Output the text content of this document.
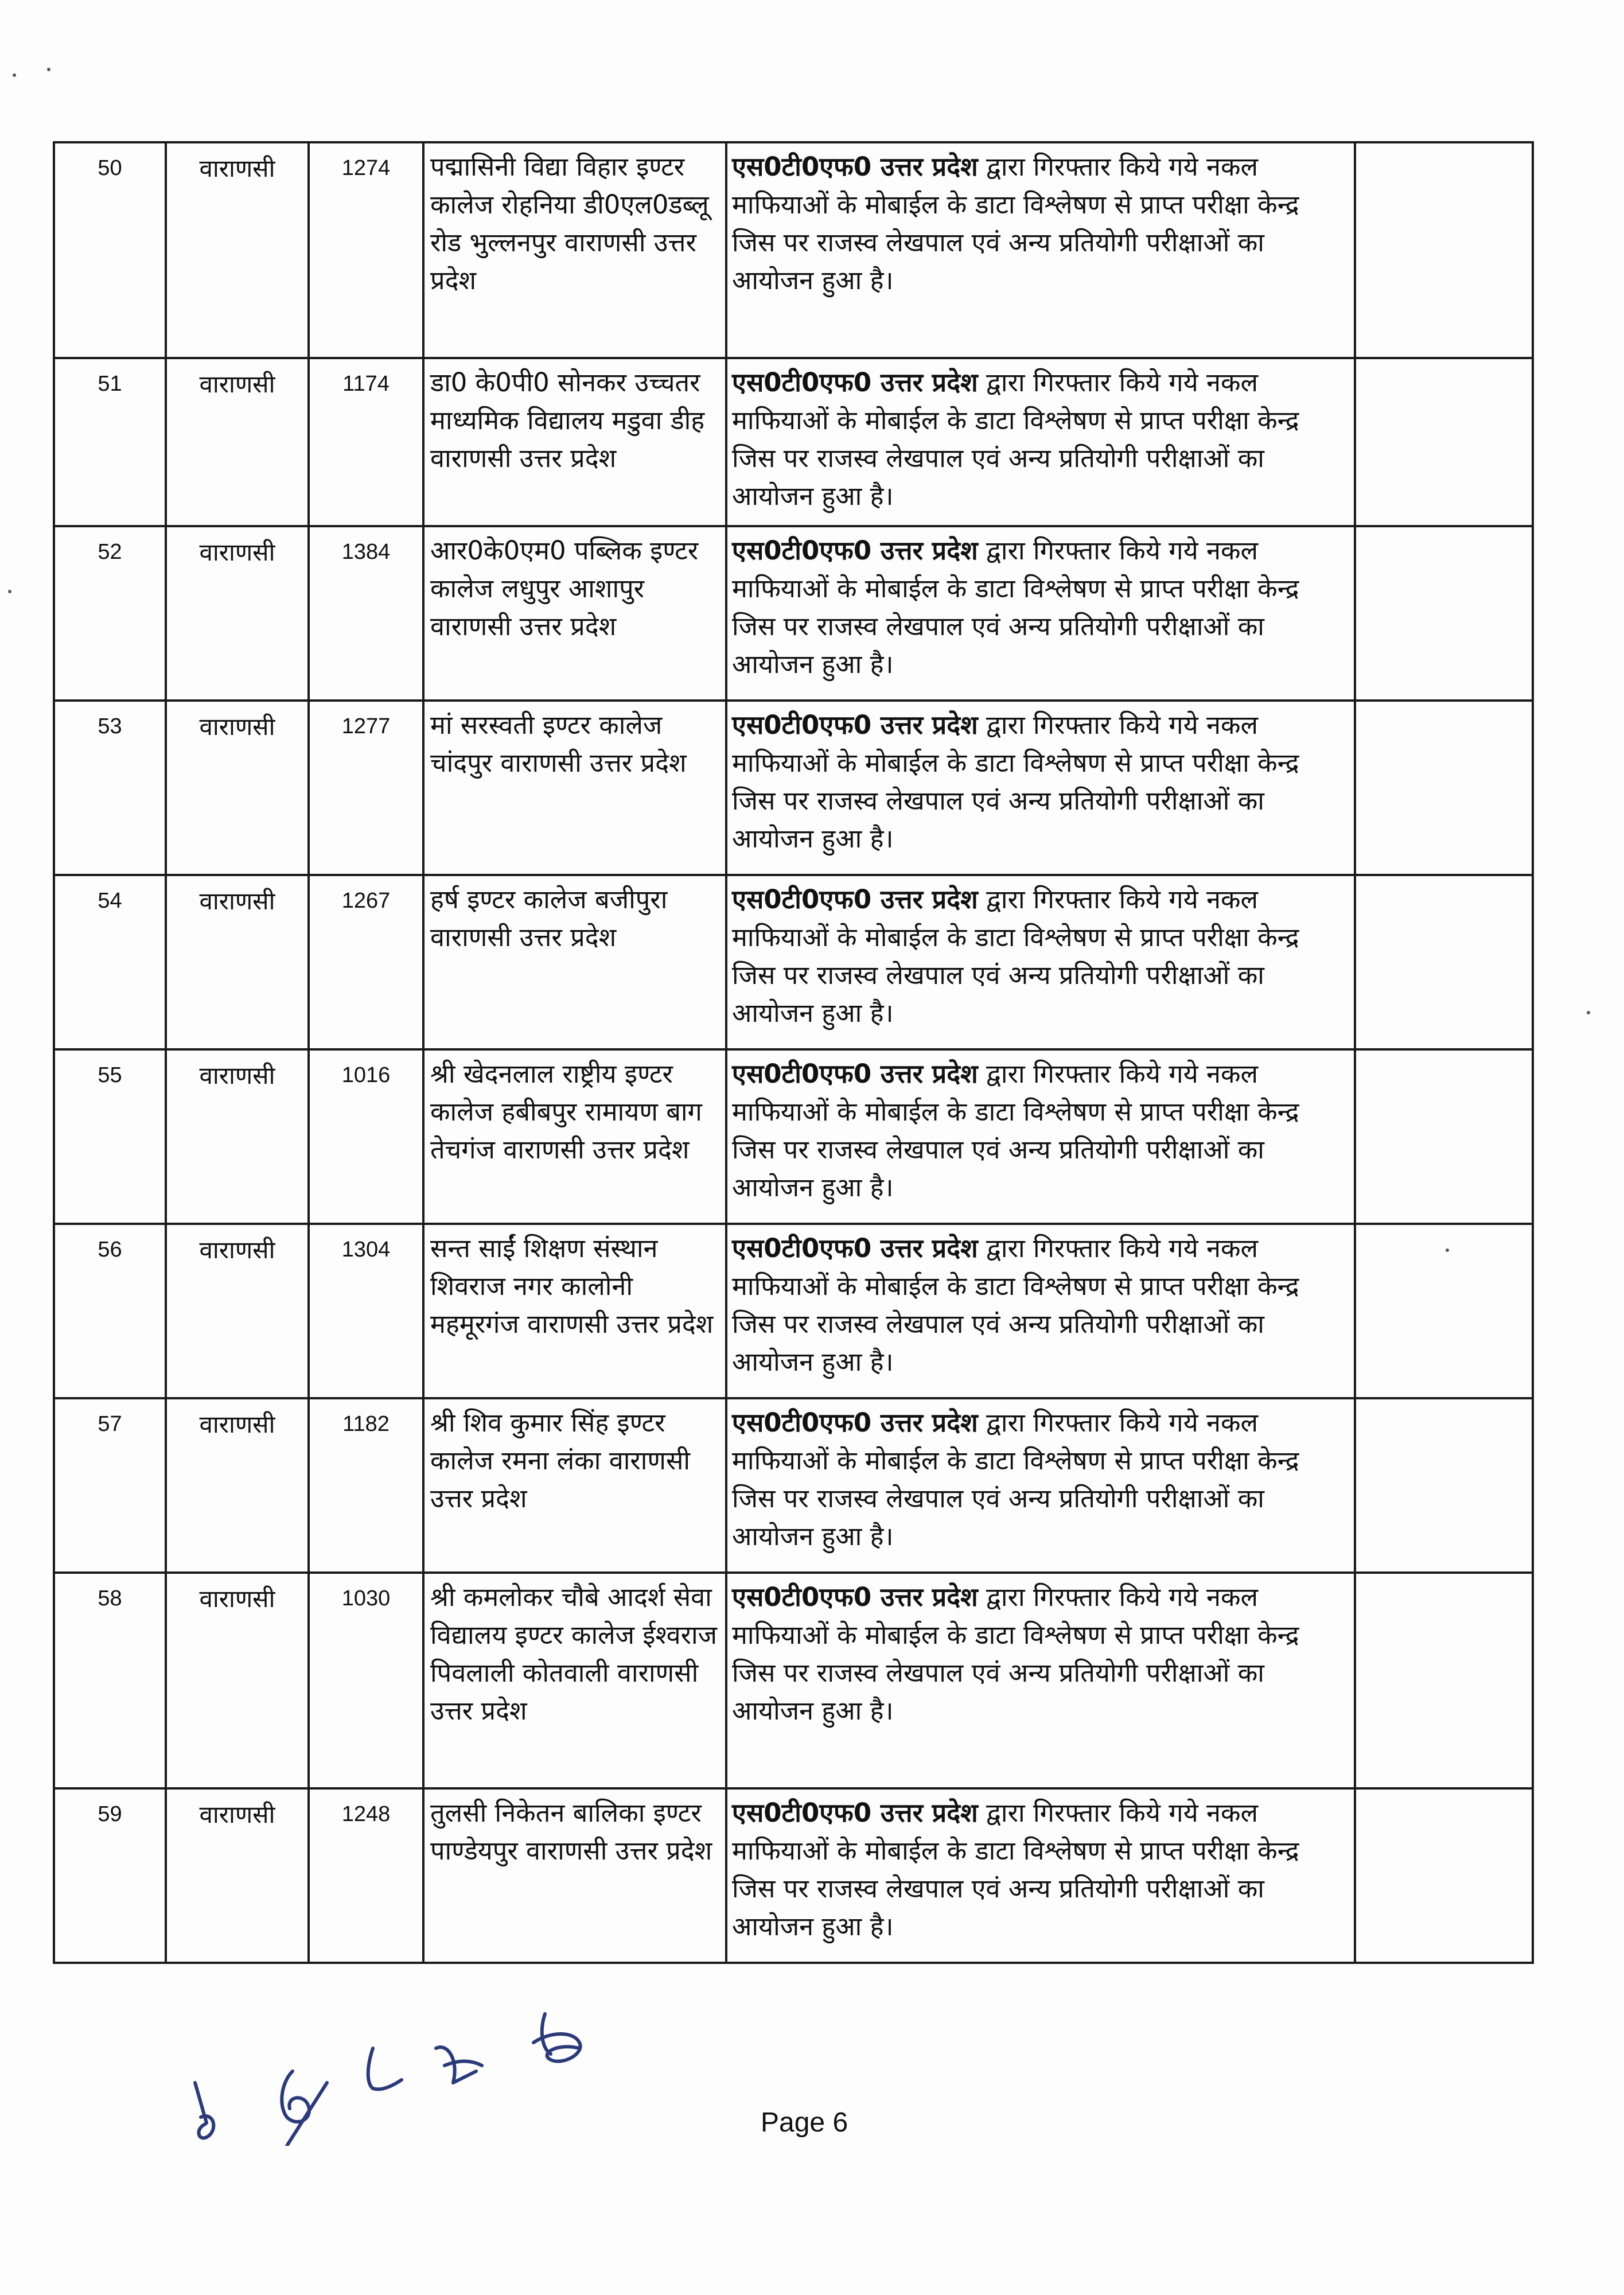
50	वाराणसी	1274	पद्मासिनी विद्या विहार इण्टर कालेज रोहनिया डी0एल0डब्लू रोड भुल्लनपुर वाराणसी उत्तर प्रदेश	एस0टी0एफ0 उत्तर प्रदेश द्वारा गिरफ्तार किये गये नकल माफियाओं के मोबाईल के डाटा विश्लेषण से प्राप्त परीक्षा केन्द्र जिस पर राजस्व लेखपाल एवं अन्य प्रतियोगी परीक्षाओं का आयोजन हुआ है।	

51	वाराणसी	1174	डा0 के0पी0 सोनकर उच्चतर माध्यमिक विद्यालय मडुवा डीह वाराणसी उत्तर प्रदेश	एस0टी0एफ0 उत्तर प्रदेश द्वारा गिरफ्तार किये गये नकल माफियाओं के मोबाईल के डाटा विश्लेषण से प्राप्त परीक्षा केन्द्र जिस पर राजस्व लेखपाल एवं अन्य प्रतियोगी परीक्षाओं का आयोजन हुआ है।	

52	वाराणसी	1384	आर0के0एम0 पब्लिक इण्टर कालेज लधुपुर आशापुर वाराणसी उत्तर प्रदेश	एस0टी0एफ0 उत्तर प्रदेश द्वारा गिरफ्तार किये गये नकल माफियाओं के मोबाईल के डाटा विश्लेषण से प्राप्त परीक्षा केन्द्र जिस पर राजस्व लेखपाल एवं अन्य प्रतियोगी परीक्षाओं का आयोजन हुआ है।	

53	वाराणसी	1277	मां सरस्वती इण्टर कालेज चांदपुर वाराणसी उत्तर प्रदेश	एस0टी0एफ0 उत्तर प्रदेश द्वारा गिरफ्तार किये गये नकल माफियाओं के मोबाईल के डाटा विश्लेषण से प्राप्त परीक्षा केन्द्र जिस पर राजस्व लेखपाल एवं अन्य प्रतियोगी परीक्षाओं का आयोजन हुआ है।	

54	वाराणसी	1267	हर्ष इण्टर कालेज बजीपुरा वाराणसी उत्तर प्रदेश	एस0टी0एफ0 उत्तर प्रदेश द्वारा गिरफ्तार किये गये नकल माफियाओं के मोबाईल के डाटा विश्लेषण से प्राप्त परीक्षा केन्द्र जिस पर राजस्व लेखपाल एवं अन्य प्रतियोगी परीक्षाओं का आयोजन हुआ है।	

55	वाराणसी	1016	श्री खेदनलाल राष्ट्रीय इण्टर कालेज हबीबपुर रामायण बाग तेचगंज वाराणसी उत्तर प्रदेश	एस0टी0एफ0 उत्तर प्रदेश द्वारा गिरफ्तार किये गये नकल माफियाओं के मोबाईल के डाटा विश्लेषण से प्राप्त परीक्षा केन्द्र जिस पर राजस्व लेखपाल एवं अन्य प्रतियोगी परीक्षाओं का आयोजन हुआ है।	

56	वाराणसी	1304	सन्त साईं शिक्षण संस्थान शिवराज नगर कालोनी महमूरगंज वाराणसी उत्तर प्रदेश	एस0टी0एफ0 उत्तर प्रदेश द्वारा गिरफ्तार किये गये नकल माफियाओं के मोबाईल के डाटा विश्लेषण से प्राप्त परीक्षा केन्द्र जिस पर राजस्व लेखपाल एवं अन्य प्रतियोगी परीक्षाओं का आयोजन हुआ है।	

57	वाराणसी	1182	श्री शिव कुमार सिंह इण्टर कालेज रमना लंका वाराणसी उत्तर प्रदेश	एस0टी0एफ0 उत्तर प्रदेश द्वारा गिरफ्तार किये गये नकल माफियाओं के मोबाईल के डाटा विश्लेषण से प्राप्त परीक्षा केन्द्र जिस पर राजस्व लेखपाल एवं अन्य प्रतियोगी परीक्षाओं का आयोजन हुआ है।	

58	वाराणसी	1030	श्री कमलोकर चौबे आदर्श सेवा विद्यालय इण्टर कालेज ईश्वराज पिवलाली कोतवाली वाराणसी उत्तर प्रदेश	एस0टी0एफ0 उत्तर प्रदेश द्वारा गिरफ्तार किये गये नकल माफियाओं के मोबाईल के डाटा विश्लेषण से प्राप्त परीक्षा केन्द्र जिस पर राजस्व लेखपाल एवं अन्य प्रतियोगी परीक्षाओं का आयोजन हुआ है।	

59	वाराणसी	1248	तुलसी निकेतन बालिका इण्टर पाण्डेयपुर वाराणसी उत्तर प्रदेश	एस0टी0एफ0 उत्तर प्रदेश द्वारा गिरफ्तार किये गये नकल माफियाओं के मोबाईल के डाटा विश्लेषण से प्राप्त परीक्षा केन्द्र जिस पर राजस्व लेखपाल एवं अन्य प्रतियोगी परीक्षाओं का आयोजन हुआ है।	

Page 6
